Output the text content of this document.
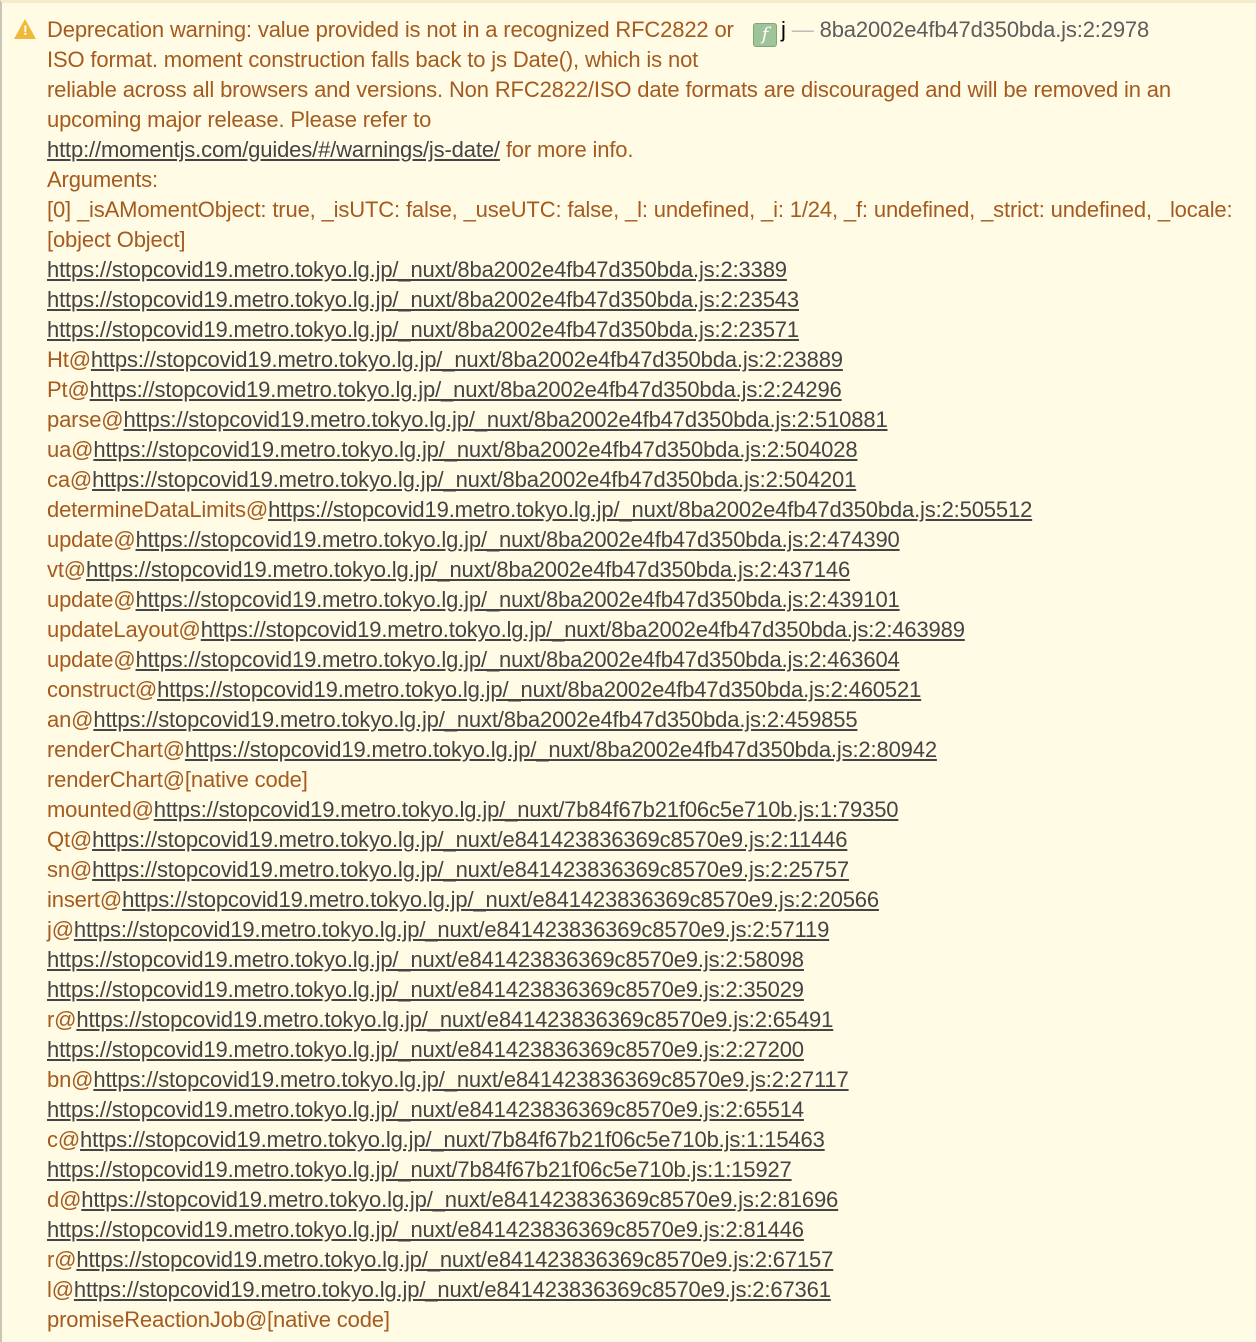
!	f j — 8ba2002e4fb47d350bda.js:2:2978
Deprecation warning: value provided is not in a recognized RFC2822 or ISO format. moment construction falls back to js Date(), which is not reliable across all browsers and versions. Non RFC2822/ISO date formats are discouraged and will be removed in an upcoming major release. Please refer to
http://momentjs.com/guides/#/warnings/js-date/ for more info.
Arguments:
[0] _isAMomentObject: true, _isUTC: false, _useUTC: false, _l: undefined, _i: 1/24, _f: undefined, _strict: undefined, _locale: [object Object]
https://stopcovid19.metro.tokyo.lg.jp/_nuxt/8ba2002e4fb47d350bda.js:2:3389
https://stopcovid19.metro.tokyo.lg.jp/_nuxt/8ba2002e4fb47d350bda.js:2:23543
https://stopcovid19.metro.tokyo.lg.jp/_nuxt/8ba2002e4fb47d350bda.js:2:23571
Ht@https://stopcovid19.metro.tokyo.lg.jp/_nuxt/8ba2002e4fb47d350bda.js:2:23889
Pt@https://stopcovid19.metro.tokyo.lg.jp/_nuxt/8ba2002e4fb47d350bda.js:2:24296
parse@https://stopcovid19.metro.tokyo.lg.jp/_nuxt/8ba2002e4fb47d350bda.js:2:510881
ua@https://stopcovid19.metro.tokyo.lg.jp/_nuxt/8ba2002e4fb47d350bda.js:2:504028
ca@https://stopcovid19.metro.tokyo.lg.jp/_nuxt/8ba2002e4fb47d350bda.js:2:504201
determineDataLimits@https://stopcovid19.metro.tokyo.lg.jp/_nuxt/8ba2002e4fb47d350bda.js:2:505512
update@https://stopcovid19.metro.tokyo.lg.jp/_nuxt/8ba2002e4fb47d350bda.js:2:474390
vt@https://stopcovid19.metro.tokyo.lg.jp/_nuxt/8ba2002e4fb47d350bda.js:2:437146
update@https://stopcovid19.metro.tokyo.lg.jp/_nuxt/8ba2002e4fb47d350bda.js:2:439101
updateLayout@https://stopcovid19.metro.tokyo.lg.jp/_nuxt/8ba2002e4fb47d350bda.js:2:463989
update@https://stopcovid19.metro.tokyo.lg.jp/_nuxt/8ba2002e4fb47d350bda.js:2:463604
construct@https://stopcovid19.metro.tokyo.lg.jp/_nuxt/8ba2002e4fb47d350bda.js:2:460521
an@https://stopcovid19.metro.tokyo.lg.jp/_nuxt/8ba2002e4fb47d350bda.js:2:459855
renderChart@https://stopcovid19.metro.tokyo.lg.jp/_nuxt/8ba2002e4fb47d350bda.js:2:80942
renderChart@[native code]
mounted@https://stopcovid19.metro.tokyo.lg.jp/_nuxt/7b84f67b21f06c5e710b.js:1:79350
Qt@https://stopcovid19.metro.tokyo.lg.jp/_nuxt/e841423836369c8570e9.js:2:11446
sn@https://stopcovid19.metro.tokyo.lg.jp/_nuxt/e841423836369c8570e9.js:2:25757
insert@https://stopcovid19.metro.tokyo.lg.jp/_nuxt/e841423836369c8570e9.js:2:20566
j@https://stopcovid19.metro.tokyo.lg.jp/_nuxt/e841423836369c8570e9.js:2:57119
https://stopcovid19.metro.tokyo.lg.jp/_nuxt/e841423836369c8570e9.js:2:58098
https://stopcovid19.metro.tokyo.lg.jp/_nuxt/e841423836369c8570e9.js:2:35029
r@https://stopcovid19.metro.tokyo.lg.jp/_nuxt/e841423836369c8570e9.js:2:65491
https://stopcovid19.metro.tokyo.lg.jp/_nuxt/e841423836369c8570e9.js:2:27200
bn@https://stopcovid19.metro.tokyo.lg.jp/_nuxt/e841423836369c8570e9.js:2:27117
https://stopcovid19.metro.tokyo.lg.jp/_nuxt/e841423836369c8570e9.js:2:65514
c@https://stopcovid19.metro.tokyo.lg.jp/_nuxt/7b84f67b21f06c5e710b.js:1:15463
https://stopcovid19.metro.tokyo.lg.jp/_nuxt/7b84f67b21f06c5e710b.js:1:15927
d@https://stopcovid19.metro.tokyo.lg.jp/_nuxt/e841423836369c8570e9.js:2:81696
https://stopcovid19.metro.tokyo.lg.jp/_nuxt/e841423836369c8570e9.js:2:81446
r@https://stopcovid19.metro.tokyo.lg.jp/_nuxt/e841423836369c8570e9.js:2:67157
l@https://stopcovid19.metro.tokyo.lg.jp/_nuxt/e841423836369c8570e9.js:2:67361
promiseReactionJob@[native code]
